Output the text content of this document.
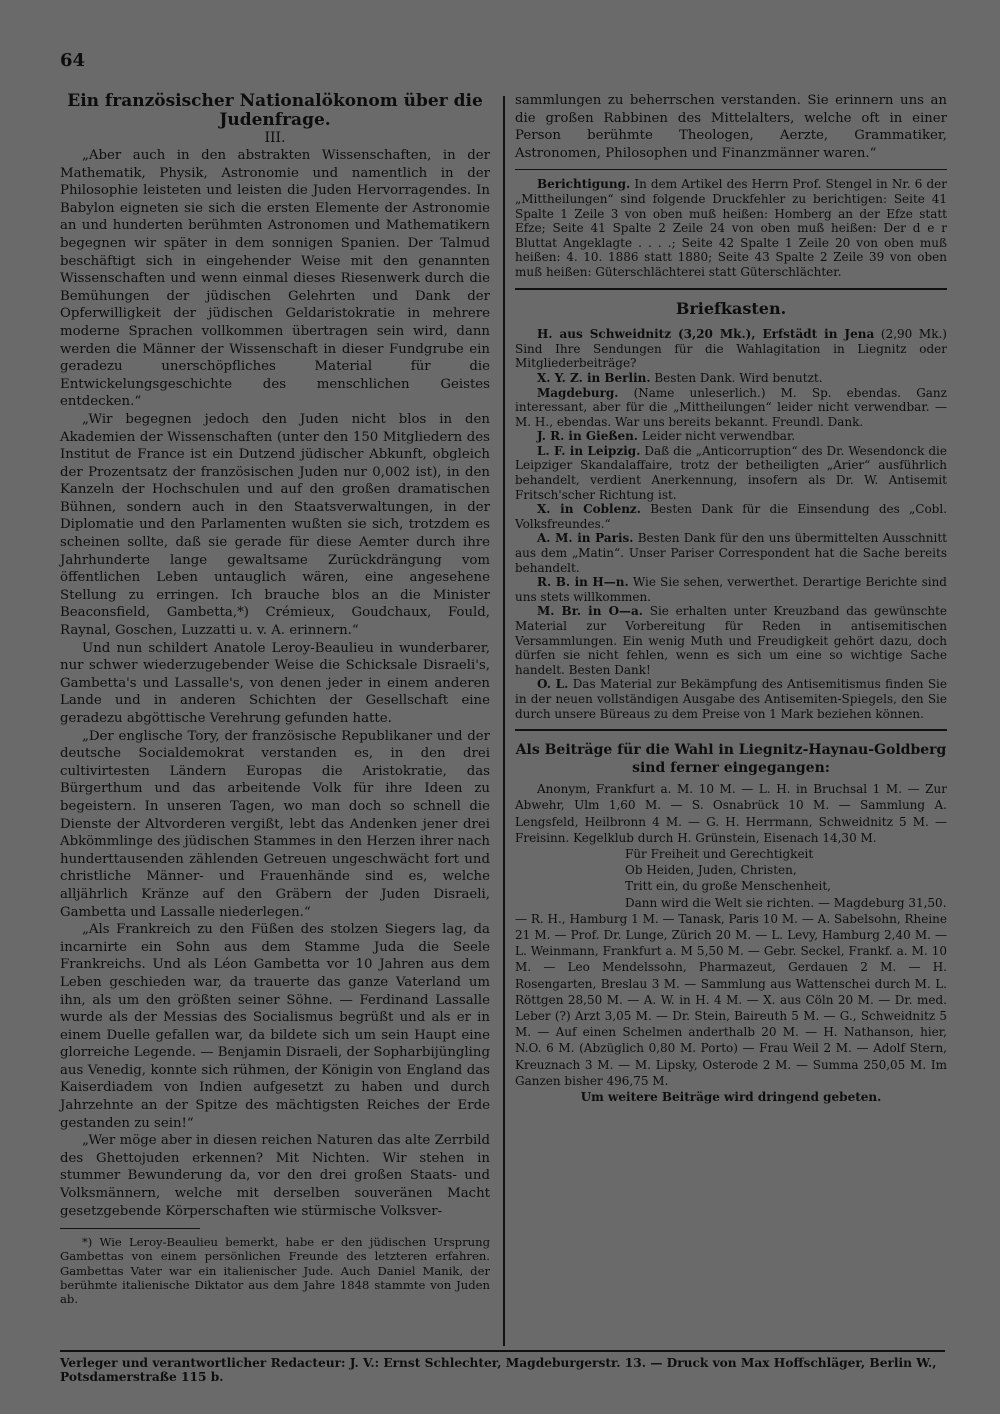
64
Ein französischer Nationalökonom über die Judenfrage.
III.

„Aber auch in den abstrakten Wissenschaften, in der Mathematik, Physik, Astronomie und namentlich in der Philosophie leisteten und leisten die Juden Hervorragendes. In Babylon eigneten sie sich die ersten Elemente der Astronomie an und hunderten berühmten Astronomen und Mathematikern begegnen wir später in dem sonnigen Spanien. Der Talmud beschäftigt sich in eingehender Weise mit den genannten Wissenschaften und wenn einmal dieses Riesenwerk durch die Bemühungen der jüdischen Gelehrten und Dank der Opferwilligkeit der jüdischen Geldaristokratie in mehrere moderne Sprachen vollkommen übertragen sein wird, dann werden die Männer der Wissenschaft in dieser Fundgrube ein geradezu unerschöpfliches Material für die Entwickelungsgeschichte des menschlichen Geistes entdecken.“

„Wir begegnen jedoch den Juden nicht blos in den Akademien der Wissenschaften (unter den 150 Mitgliedern des Institut de France ist ein Dutzend jüdischer Abkunft, obgleich der Prozentsatz der französischen Juden nur 0,002 ist), in den Kanzeln der Hochschulen und auf den großen dramatischen Bühnen, sondern auch in den Staatsverwaltungen, in der Diplomatie und den Parlamenten wußten sie sich, trotzdem es scheinen sollte, daß sie gerade für diese Aemter durch ihre Jahrhunderte lange gewaltsame Zurückdrängung vom öffentlichen Leben untauglich wären, eine angesehene Stellung zu erringen. Ich brauche blos an die Minister Beaconsfield, Gambetta,*) Crémieux, Goudchaux, Fould, Raynal, Goschen, Luzzatti u. v. A. erinnern.“

Und nun schildert Anatole Leroy-Beaulieu in wunderbarer, nur schwer wiederzugebender Weise die Schicksale Disraeli's, Gambetta's und Lassalle's, von denen jeder in einem anderen Lande und in anderen Schichten der Gesellschaft eine geradezu abgöttische Verehrung gefunden hatte.

„Der englische Tory, der französische Republikaner und der deutsche Socialdemokrat verstanden es, in den drei cultivirtesten Ländern Europas die Aristokratie, das Bürgerthum und das arbeitende Volk für ihre Ideen zu begeistern. In unseren Tagen, wo man doch so schnell die Dienste der Altvorderen vergißt, lebt das Andenken jener drei Abkömmlinge des jüdischen Stammes in den Herzen ihrer nach hunderttausenden zählenden Getreuen ungeschwächt fort und christliche Männer- und Frauenhände sind es, welche alljährlich Kränze auf den Gräbern der Juden Disraeli, Gambetta und Lassalle niederlegen.“

„Als Frankreich zu den Füßen des stolzen Siegers lag, da incarnirte ein Sohn aus dem Stamme Juda die Seele Frankreichs. Und als Léon Gambetta vor 10 Jahren aus dem Leben geschieden war, da trauerte das ganze Vaterland um ihn, als um den größten seiner Söhne. — Ferdinand Lassalle wurde als der Messias des Socialismus begrüßt und als er in einem Duelle gefallen war, da bildete sich um sein Haupt eine glorreiche Legende. — Benjamin Disraeli, der Sopharbijüngling aus Venedig, konnte sich rühmen, der Königin von England das Kaiserdiadem von Indien aufgesetzt zu haben und durch Jahrzehnte an der Spitze des mächtigsten Reiches der Erde gestanden zu sein!“

„Wer möge aber in diesen reichen Naturen das alte Zerrbild des Ghettojuden erkennen? Mit Nichten. Wir stehen in stummer Bewunderung da, vor den drei großen Staats- und Volksmännern, welche mit derselben souveränen Macht gesetzgebende Körperschaften wie stürmische Volksver-

*) Wie Leroy-Beaulieu bemerkt, habe er den jüdischen Ursprung Gambettas von einem persönlichen Freunde des letzteren erfahren. Gambettas Vater war ein italienischer Jude. Auch Daniel Manik, der berühmte italienische Diktator aus dem Jahre 1848 stammte von Juden ab.

sammlungen zu beherrschen verstanden. Sie erinnern uns an die großen Rabbinen des Mittelalters, welche oft in einer Person berühmte Theologen, Aerzte, Grammatiker, Astronomen, Philosophen und Finanzmänner waren.“

Berichtigung. In dem Artikel des Herrn Prof. Stengel in Nr. 6 der „Mittheilungen“ sind folgende Druckfehler zu berichtigen: Seite 41 Spalte 1 Zeile 3 von oben muß heißen: Homberg an der Efze statt Efze; Seite 41 Spalte 2 Zeile 24 von oben muß heißen: Der d e r Bluttat Angeklagte . . . .; Seite 42 Spalte 1 Zeile 20 von oben muß heißen: 4. 10. 1886 statt 1880; Seite 43 Spalte 2 Zeile 39 von oben muß heißen: Güterschlächterei statt Güterschlächter.

Briefkasten.

H. aus Schweidnitz (3,20 Mk.), Erfstädt in Jena (2,90 Mk.) Sind Ihre Sendungen für die Wahlagitation in Liegnitz oder Mitgliederbeiträge?

X. Y. Z. in Berlin. Besten Dank. Wird benutzt.

Magdeburg. (Name unleserlich.) M. Sp. ebendas. Ganz interessant, aber für die „Mittheilungen“ leider nicht verwendbar. — M. H., ebendas. War uns bereits bekannt. Freundl. Dank.

J. R. in Gießen. Leider nicht verwendbar.

L. F. in Leipzig. Daß die „Anticorruption“ des Dr. Wesendonck die Leipziger Skandalaffaire, trotz der betheiligten „Arier“ ausführlich behandelt, verdient Anerkennung, insofern als Dr. W. Antisemit Fritsch'scher Richtung ist.

X. in Coblenz. Besten Dank für die Einsendung des „Cobl. Volksfreundes.“

A. M. in Paris. Besten Dank für den uns übermittelten Ausschnitt aus dem „Matin“. Unser Pariser Correspondent hat die Sache bereits behandelt.

R. B. in H—n. Wie Sie sehen, verwerthet. Derartige Berichte sind uns stets willkommen.

M. Br. in O—a. Sie erhalten unter Kreuzband das gewünschte Material zur Vorbereitung für Reden in antisemitischen Versammlungen. Ein wenig Muth und Freudigkeit gehört dazu, doch dürfen sie nicht fehlen, wenn es sich um eine so wichtige Sache handelt. Besten Dank!

O. L. Das Material zur Bekämpfung des Antisemitismus finden Sie in der neuen vollständigen Ausgabe des Antisemiten-Spiegels, den Sie durch unsere Büreaus zu dem Preise von 1 Mark beziehen können.

Als Beiträge für die Wahl in Liegnitz-Haynau-Goldberg sind ferner eingegangen:

Anonym, Frankfurt a. M. 10 M. — L. H. in Bruchsal 1 M. — Zur Abwehr, Ulm 1,60 M. — S. Osnabrück 10 M. — Sammlung A. Lengsfeld, Heilbronn 4 M. — G. H. Herrmann, Schweidnitz 5 M. — Freisinn. Kegelklub durch H. Grünstein, Eisenach 14,30 M.

Für Freiheit und Gerechtigkeit
Ob Heiden, Juden, Christen,
Tritt ein, du große Menschenheit,
Dann wird die Welt sie richten. — Magdeburg 31,50.

— R. H., Hamburg 1 M. — Tanask, Paris 10 M. — A. Sabelsohn, Rheine 21 M. — Prof. Dr. Lunge, Zürich 20 M. — L. Levy, Hamburg 2,40 M. — L. Weinmann, Frankfurt a. M 5,50 M. — Gebr. Seckel, Frankf. a. M. 10 M. — Leo Mendelssohn, Pharmazeut, Gerdauen 2 M. — H. Rosengarten, Breslau 3 M. — Sammlung aus Wattenschei durch M. L. Röttgen 28,50 M. — A. W. in H. 4 M. — X. aus Cöln 20 M. — Dr. med. Leber (?) Arzt 3,05 M. — Dr. Stein, Baireuth 5 M. — G., Schweidnitz 5 M. — Auf einen Schelmen anderthalb 20 M. — H. Nathanson, hier, N.O. 6 M. (Abzüglich 0,80 M. Porto) — Frau Weil 2 M. — Adolf Stern, Kreuznach 3 M. — M. Lipsky, Osterode 2 M. — Summa 250,05 M. Im Ganzen bisher 496,75 M.

Um weitere Beiträge wird dringend gebeten.
Verleger und verantwortlicher Redacteur: J. V.: Ernst Schlechter, Magdeburgerstr. 13. — Druck von Max Hoffschläger, Berlin W., Potsdamerstraße 115 b.
